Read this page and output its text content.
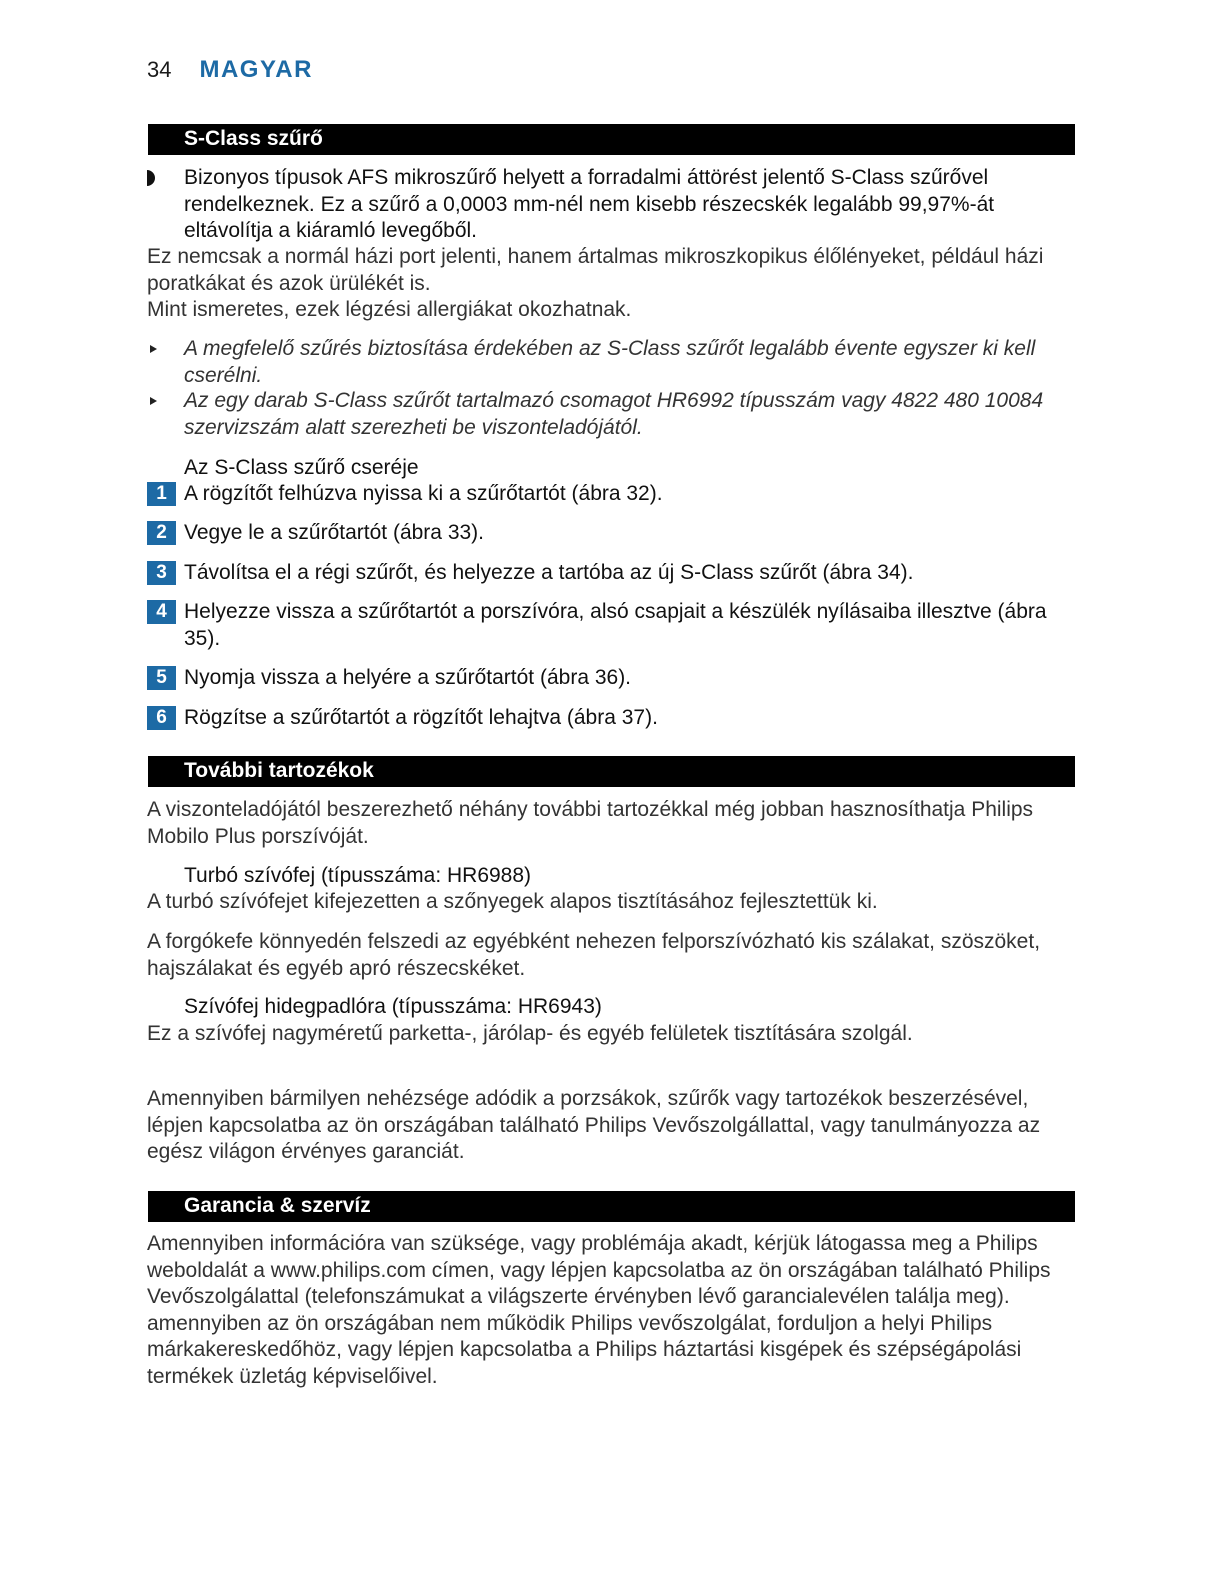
34 MAGYAR
S-Class szűrő
Bizonyos típusok AFS mikroszűrő helyett a forradalmi áttörést jelentő S-Class szűrővel rendelkeznek. Ez a szűrő a 0,0003 mm-nél nem kisebb részecskék legalább 99,97%-át eltávolítja a kiáramló levegőből.
Ez nemcsak a normál házi port jelenti, hanem ártalmas mikroszkopikus élőlényeket, például házi
poratkákat és azok ürülékét is.
Mint ismeretes, ezek légzési allergiákat okozhatnak.
A megfelelő szűrés biztosítása érdekében az S-Class szűrőt legalább évente egyszer ki kell cserélni.
Az egy darab S-Class szűrőt tartalmazó csomagot HR6992 típusszám vagy 4822 480 10084 szervizszám alatt szerezheti be viszonteladójától.
Az S-Class szűrő cseréje
1 A rögzítőt felhúzva nyissa ki a szűrőtartót (ábra 32).
2 Vegye le a szűrőtartót (ábra 33).
3 Távolítsa el a régi szűrőt, és helyezze a tartóba az új S-Class szűrőt (ábra 34).
4 Helyezze vissza a szűrőtartót a porszívóra, alsó csapjait a készülék nyílásaiba illesztve (ábra 35).
5 Nyomja vissza a helyére a szűrőtartót (ábra 36).
6 Rögzítse a szűrőtartót a rögzítőt lehajtva (ábra 37).
További tartozékok
A viszonteladójától beszerezhető néhány további tartozékkal még jobban hasznosíthatja Philips Mobilo Plus porszívóját.
Turbó szívófej (típusszáma: HR6988)
A turbó szívófejet kifejezetten a szőnyegek alapos tisztításához fejlesztettük ki.
A forgókefe könnyedén felszedi az egyébként nehezen felporszívózható kis szálakat, szöszöket, hajszálakat és egyéb apró részecskéket.
Szívófej hidegpadlóra (típusszáma: HR6943)
Ez a szívófej nagyméretű parketta-, járólap- és egyéb felületek tisztítására szolgál.
Amennyiben bármilyen nehézsége adódik a porzsákok, szűrők vagy tartozékok beszerzésével, lépjen kapcsolatba az ön országában található Philips Vevőszolgállattal, vagy tanulmányozza az egész világon érvényes garanciát.
Garancia & szervíz
Amennyiben információra van szüksége, vagy problémája akadt, kérjük látogassa meg a Philips weboldalát a www.philips.com címen, vagy lépjen kapcsolatba az ön országában található Philips Vevőszolgálattal (telefonszámukat a világszerte érvényben lévő garancialevélen találja meg). amennyiben az ön országában nem működik Philips vevőszolgálat, forduljon a helyi Philips márkakereskedőhöz, vagy lépjen kapcsolatba a Philips háztartási kisgépek és szépségápolási termékek üzletág képviselőivel.
